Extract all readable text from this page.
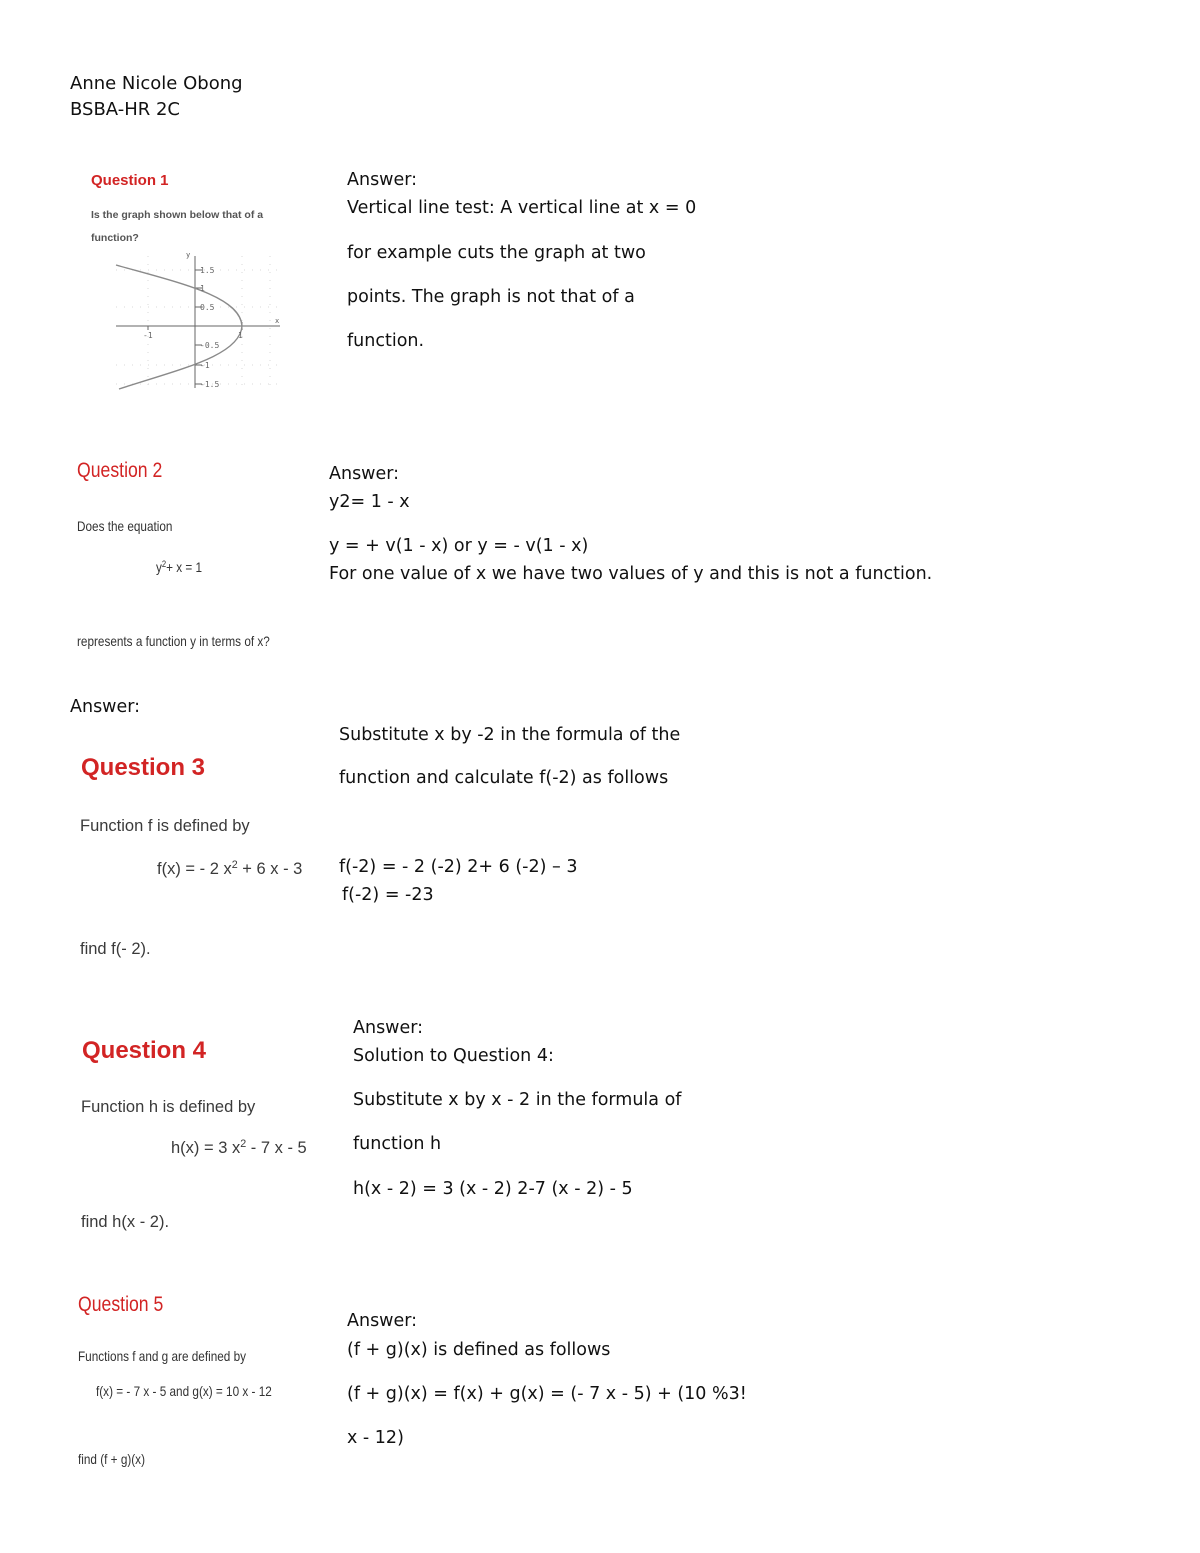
Anne Nicole Obong
BSBA-HR 2C
Question 1
Is the graph shown below that of a
function?
y
x
1.5
1
0.5
-1	1
-0.5
-1
-1.5
Answer:
Vertical line test: A vertical line at x = 0
for example cuts the graph at two
points. The graph is not that of a
function.
Question 2
Does the equation
$y^2+ x = 1$
represents a function y in terms of x?
Answer:
y2= 1 - x
y = + v(1 - x) or y = - v(1 - x)
For one value of x we have two values of y and this is not a function.
Answer:
Question 3
Function f is defined by
f(x) = - 2 $x^2 + 6$ x - 3
find f(- 2).
Substitute x by -2 in the formula of the
function and calculate f(-2) as follows
f(-2) = - 2 (-2) 2+ 6 (-2) – 3
f(-2) = -23
Question 4
Function h is defined by
h(x) = 3 $x^2 - 7$ x - 5
find h(x - 2).
Answer:
Solution to Question 4:
Substitute x by x - 2 in the formula of
function h
h(x - 2) = 3 (x - 2) 2-7 (x - 2) - 5
Question 5
Functions f and g are defined by
f(x) = - 7 x - 5 and g(x) = 10 x - 12
find (f + g)(x)
Answer:
(f + g)(x) is defined as follows
(f + g)(x) = f(x) + g(x) = (- 7 x - 5) + (10 %3!
x - 12)
